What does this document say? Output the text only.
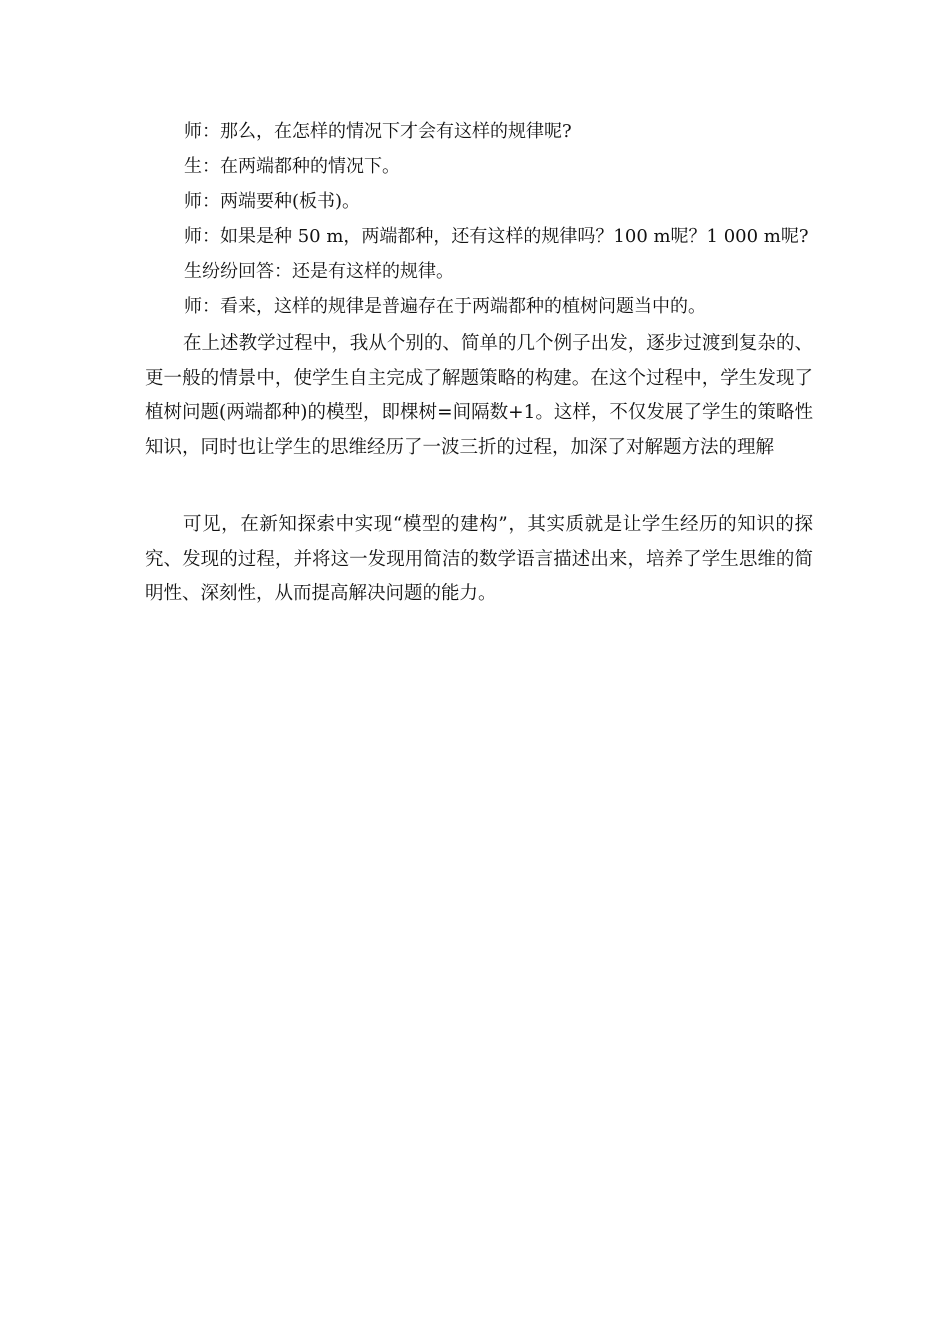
师：那么，在怎样的情况下才会有这样的规律呢?
生：在两端都种的情况下。
师：两端要种(板书)。
师：如果是种 50 m，两端都种，还有这样的规律吗？100 m呢？1 000 m呢?
生纷纷回答：还是有这样的规律。
师：看来，这样的规律是普遍存在于两端都种的植树问题当中的。

在上述教学过程中，我从个别的、简单的几个例子出发，逐步过渡到复杂的、更一般的情景中，使学生自主完成了解题策略的构建。在这个过程中，学生发现了植树问题(两端都种)的模型，即棵树=间隔数+1。这样，不仅发展了学生的策略性知识，同时也让学生的思维经历了一波三折的过程，加深了对解题方法的理解

可见，在新知探索中实现“模型的建构”，其实质就是让学生经历的知识的探究、发现的过程，并将这一发现用简洁的数学语言描述出来，培养了学生思维的简明性、深刻性，从而提高解决问题的能力。
